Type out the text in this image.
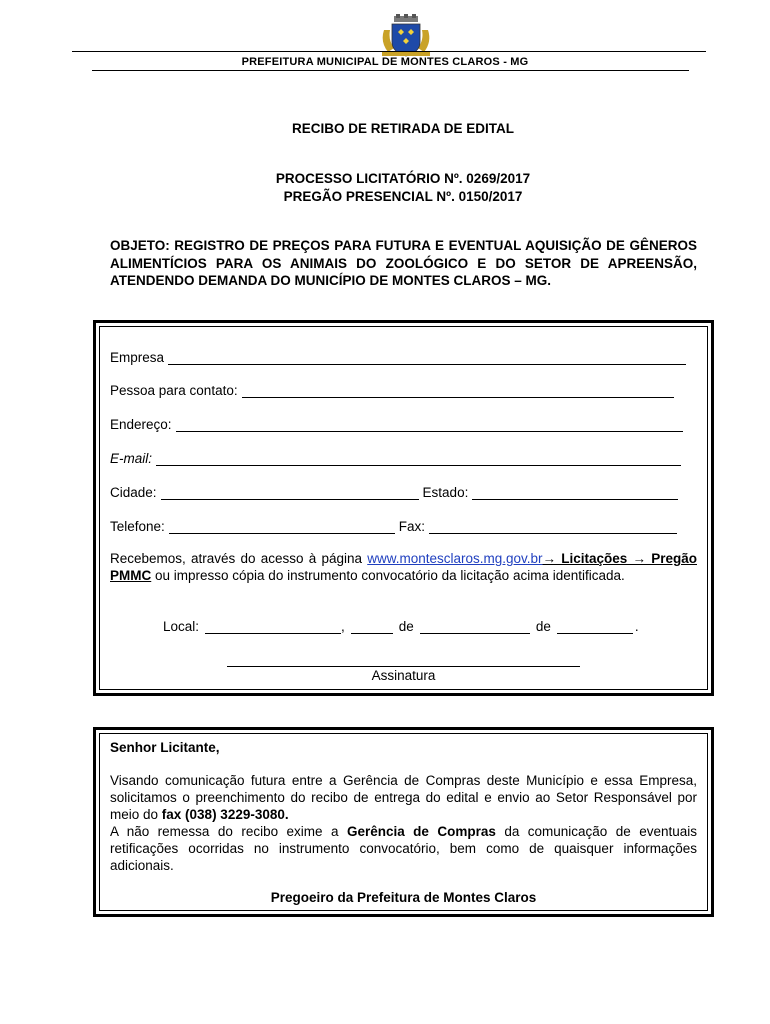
PREFEITURA MUNICIPAL DE MONTES CLAROS - MG
RECIBO DE RETIRADA DE EDITAL
PROCESSO LICITATÓRIO Nº. 0269/2017
PREGÃO PRESENCIAL Nº. 0150/2017
OBJETO: REGISTRO DE PREÇOS PARA FUTURA E EVENTUAL AQUISIÇÃO DE GÊNEROS ALIMENTÍCIOS PARA OS ANIMAIS DO ZOOLÓGICO E DO SETOR DE APREENSÃO, ATENDENDO DEMANDA DO MUNICÍPIO DE MONTES CLAROS – MG.
Empresa
Pessoa para contato:
Endereço:
E-mail:
Cidade:	Estado:
Telefone:	Fax:
Recebemos, através do acesso à página www.montesclaros.mg.gov.br→ Licitações → Pregão PMMC ou impresso cópia do instrumento convocatório da licitação acima identificada.
Local:	,	de	de	.
Assinatura
Senhor Licitante,
Visando comunicação futura entre a Gerência de Compras deste Município e essa Empresa, solicitamos o preenchimento do recibo de entrega do edital e envio ao Setor Responsável por meio do fax (038) 3229-3080.
A não remessa do recibo exime a Gerência de Compras da comunicação de eventuais retificações ocorridas no instrumento convocatório, bem como de quaisquer informações adicionais.
Pregoeiro da Prefeitura de Montes Claros
